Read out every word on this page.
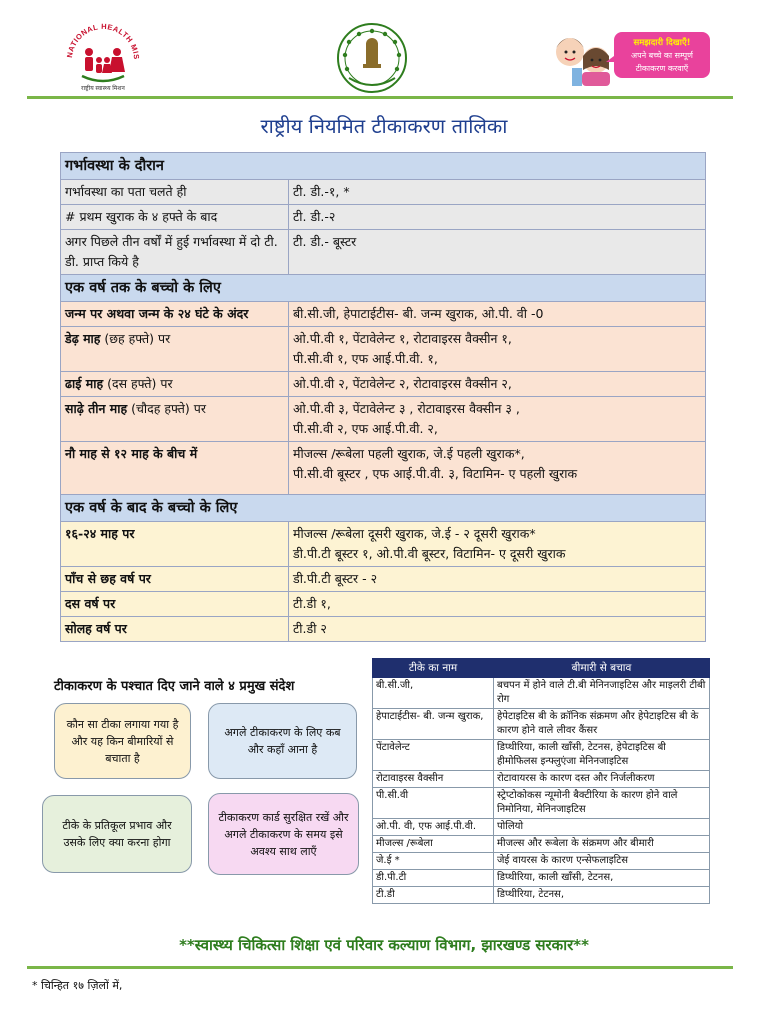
NATIONAL HEALTH MIS
राष्ट्रीय स्वास्थ्य मिशन
समझदारी दिखाएँ!
अपने बच्चे का सम्पूर्ण
टीकाकरण करवाएँ
राष्ट्रीय नियमित टीकाकरण तालिका
गर्भावस्था के दौरान	
गर्भावस्था का पता चलते ही	टी. डी.-१, *
# प्रथम खुराक के ४ हफ्ते के बाद	टी. डी.-२
अगर पिछले तीन वर्षों में हुई गर्भावस्था में दो टी. डी. प्राप्त किये है	टी. डी.- बूस्टर
एक वर्ष तक के बच्चो के लिए	
जन्म पर अथवा जन्म के २४ घंटे के अंदर	बी.सी.जी, हेपाटाईटीस- बी. जन्म खुराक, ओ.पी. वी -0
डेढ़ माह (छह हफ्ते) पर	ओ.पी.वी १, पेंटावेलेन्ट १, रोटावाइरस वैक्सीन १,
पी.सी.वी १, एफ आई.पी.वी. १,

ढाई माह (दस हफ्ते) पर	ओ.पी.वी २, पेंटावेलेन्ट २, रोटावाइरस वैक्सीन २,
साढ़े तीन माह (चौदह हफ्ते) पर	ओ.पी.वी ३, पेंटावेलेन्ट ३ , रोटावाइरस वैक्सीन ३ ,
पी.सी.वी २, एफ आई.पी.वी. २,

नौ माह से १२ माह के बीच में	मीजल्स /रूबेला पहली खुराक, जे.ई पहली खुराक*,
पी.सी.वी बूस्टर , एफ आई.पी.वी. ३, विटामिन- ए पहली खुराक

एक वर्ष के बाद के बच्चो के लिए	
१६-२४ माह पर	मीजल्स /रूबेला दूसरी खुराक, जे.ई - २ दूसरी खुराक*
डी.पी.टी बूस्टर १, ओ.पी.वी बूस्टर, विटामिन- ए दूसरी खुराक

पाँच से छह वर्ष पर	डी.पी.टी बूस्टर - २
दस वर्ष पर	टी.डी १,
सोलह वर्ष पर	टी.डी २
टीकाकरण के पश्चात दिए जाने वाले ४ प्रमुख संदेश
कौन सा टीका लगाया गया है और यह किन बीमारियों से बचाता है
अगले टीकाकरण के लिए कब और कहाँ आना है
टीके के प्रतिकूल प्रभाव और उसके लिए क्या करना होगा
टीकाकरण कार्ड सुरक्षित रखें और अगले टीकाकरण के समय इसे अवश्य साथ लाएँ
टीके का नाम	बीमारी से बचाव
बी.सी.जी,	बचपन में होने वाले टी.बी मेनिनजाइटिस और माइलरी टीबी रोग
हेपाटाईटीस- बी. जन्म खुराक,	हेपेटाइटिस बी के क्रॉनिक संक्रमण और हेपेटाइटिस बी के कारण होने वाले लीवर कैंसर
पेंटावेलेन्ट	डिप्थीरिया, काली खाँसी, टेटनस, हेपेटाइटिस बी हीमोफिलस इन्फ्लुएंजा मेनिनजाइटिस
रोटावाइरस वैक्सीन	रोटावायरस के कारण दस्त और निर्जलीकरण
पी.सी.वी	स्ट्रेप्टोकोकस न्यूमोनी बैक्टीरिया के कारण होने वाले निमोनिया, मेनिनजाइटिस
ओ.पी. वी, एफ आई.पी.वी.	पोलियो
मीजल्स /रूबेला	मीजल्स और रूबेला के संक्रमण और बीमारी
जे.ई *	जेई वायरस के कारण एन्सेफलाइटिस
डी.पी.टी	डिप्थीरिया, काली खाँसी, टेटनस,
टी.डी	डिप्थीरिया, टेटनस,
**स्वास्थ्य चिकित्सा शिक्षा एवं परिवार कल्याण विभाग, झारखण्ड सरकार**
* चिन्हित १७ ज़िलों में,
